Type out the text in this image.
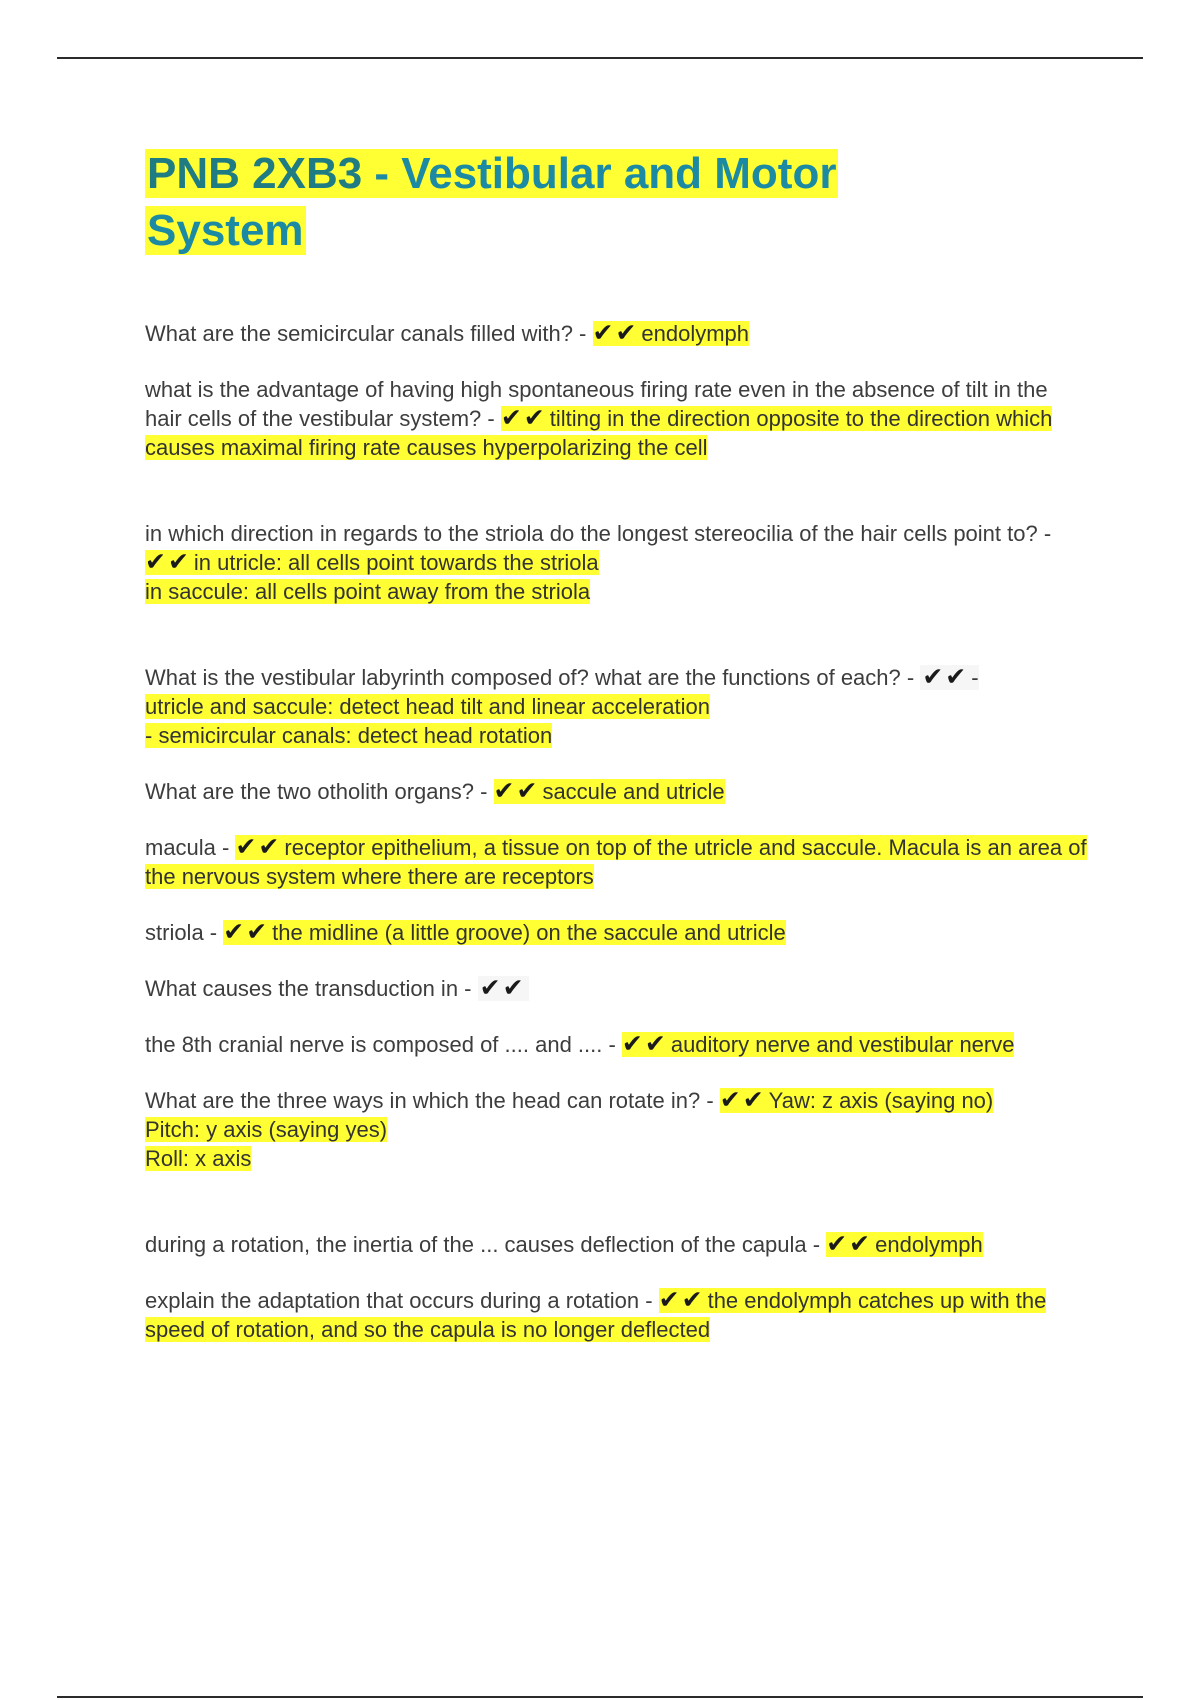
PNB 2XB3 - Vestibular and Motor System
What are the semicircular canals filled with? - ✔✔ endolymph
what is the advantage of having high spontaneous firing rate even in the absence of tilt in the hair cells of the vestibular system? - ✔✔ tilting in the direction opposite to the direction which causes maximal firing rate causes hyperpolarizing the cell
in which direction in regards to the striola do the longest stereocilia of the hair cells point to? - ✔✔ in utricle: all cells point towards the striola
in saccule: all cells point away from the striola
What is the vestibular labyrinth composed of? what are the functions of each? - ✔✔ -
utricle and saccule: detect head tilt and linear acceleration
- semicircular canals: detect head rotation
What are the two otholith organs? - ✔✔ saccule and utricle
macula - ✔✔ receptor epithelium, a tissue on top of the utricle and saccule. Macula is an area of the nervous system where there are receptors
striola - ✔✔ the midline (a little groove) on the saccule and utricle
What causes the transduction in - ✔✔
the 8th cranial nerve is composed of .... and .... - ✔✔ auditory nerve and vestibular nerve
What are the three ways in which the head can rotate in? - ✔✔ Yaw: z axis (saying no)
Pitch: y axis (saying yes)
Roll: x axis
during a rotation, the inertia of the ... causes deflection of the capula - ✔✔ endolymph
explain the adaptation that occurs during a rotation - ✔✔ the endolymph catches up with the speed of rotation, and so the capula is no longer deflected
